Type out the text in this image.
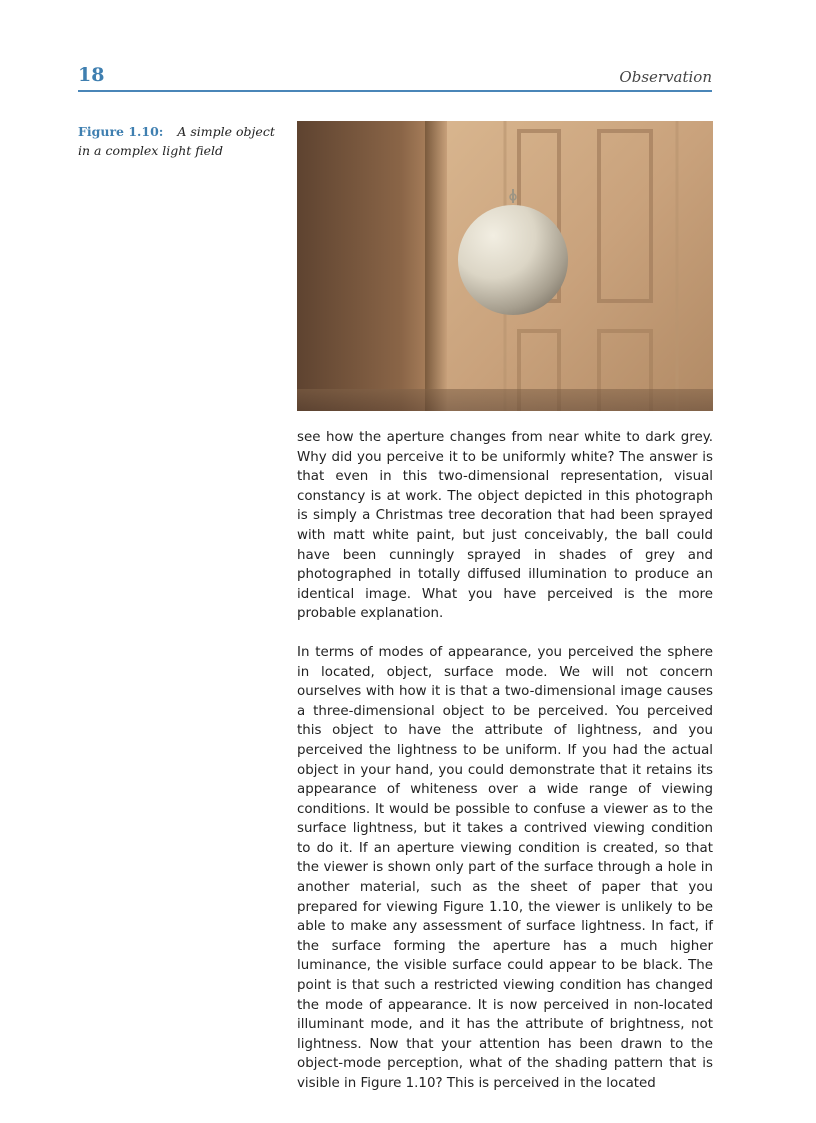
18	Observation
Figure 1.10: A simple object in a complex light field

see how the aperture changes from near white to dark grey. Why did you perceive it to be uniformly white? The answer is that even in this two-dimensional representation, visual constancy is at work. The object depicted in this photograph is simply a Christmas tree decoration that had been sprayed with matt white paint, but just conceivably, the ball could have been cunningly sprayed in shades of grey and photographed in totally diffused illumination to produce an identical image. What you have perceived is the more probable explanation.

In terms of modes of appearance, you perceived the sphere in located, object, surface mode. We will not concern ourselves with how it is that a two-dimensional image causes a three-dimensional object to be perceived. You perceived this object to have the attribute of lightness, and you perceived the lightness to be uniform. If you had the actual object in your hand, you could demonstrate that it retains its appearance of whiteness over a wide range of viewing conditions. It would be possible to confuse a viewer as to the surface lightness, but it takes a contrived viewing condition to do it. If an aperture viewing condition is created, so that the viewer is shown only part of the surface through a hole in another material, such as the sheet of paper that you prepared for viewing Figure 1.10, the viewer is unlikely to be able to make any assessment of surface lightness. In fact, if the surface forming the aperture has a much higher luminance, the visible surface could appear to be black. The point is that such a restricted viewing condition has changed the mode of appearance. It is now perceived in non-located illuminant mode, and it has the attribute of brightness, not lightness. Now that your attention has been drawn to the object-mode perception, what of the shading pattern that is visible in Figure 1.10? This is perceived in the located
